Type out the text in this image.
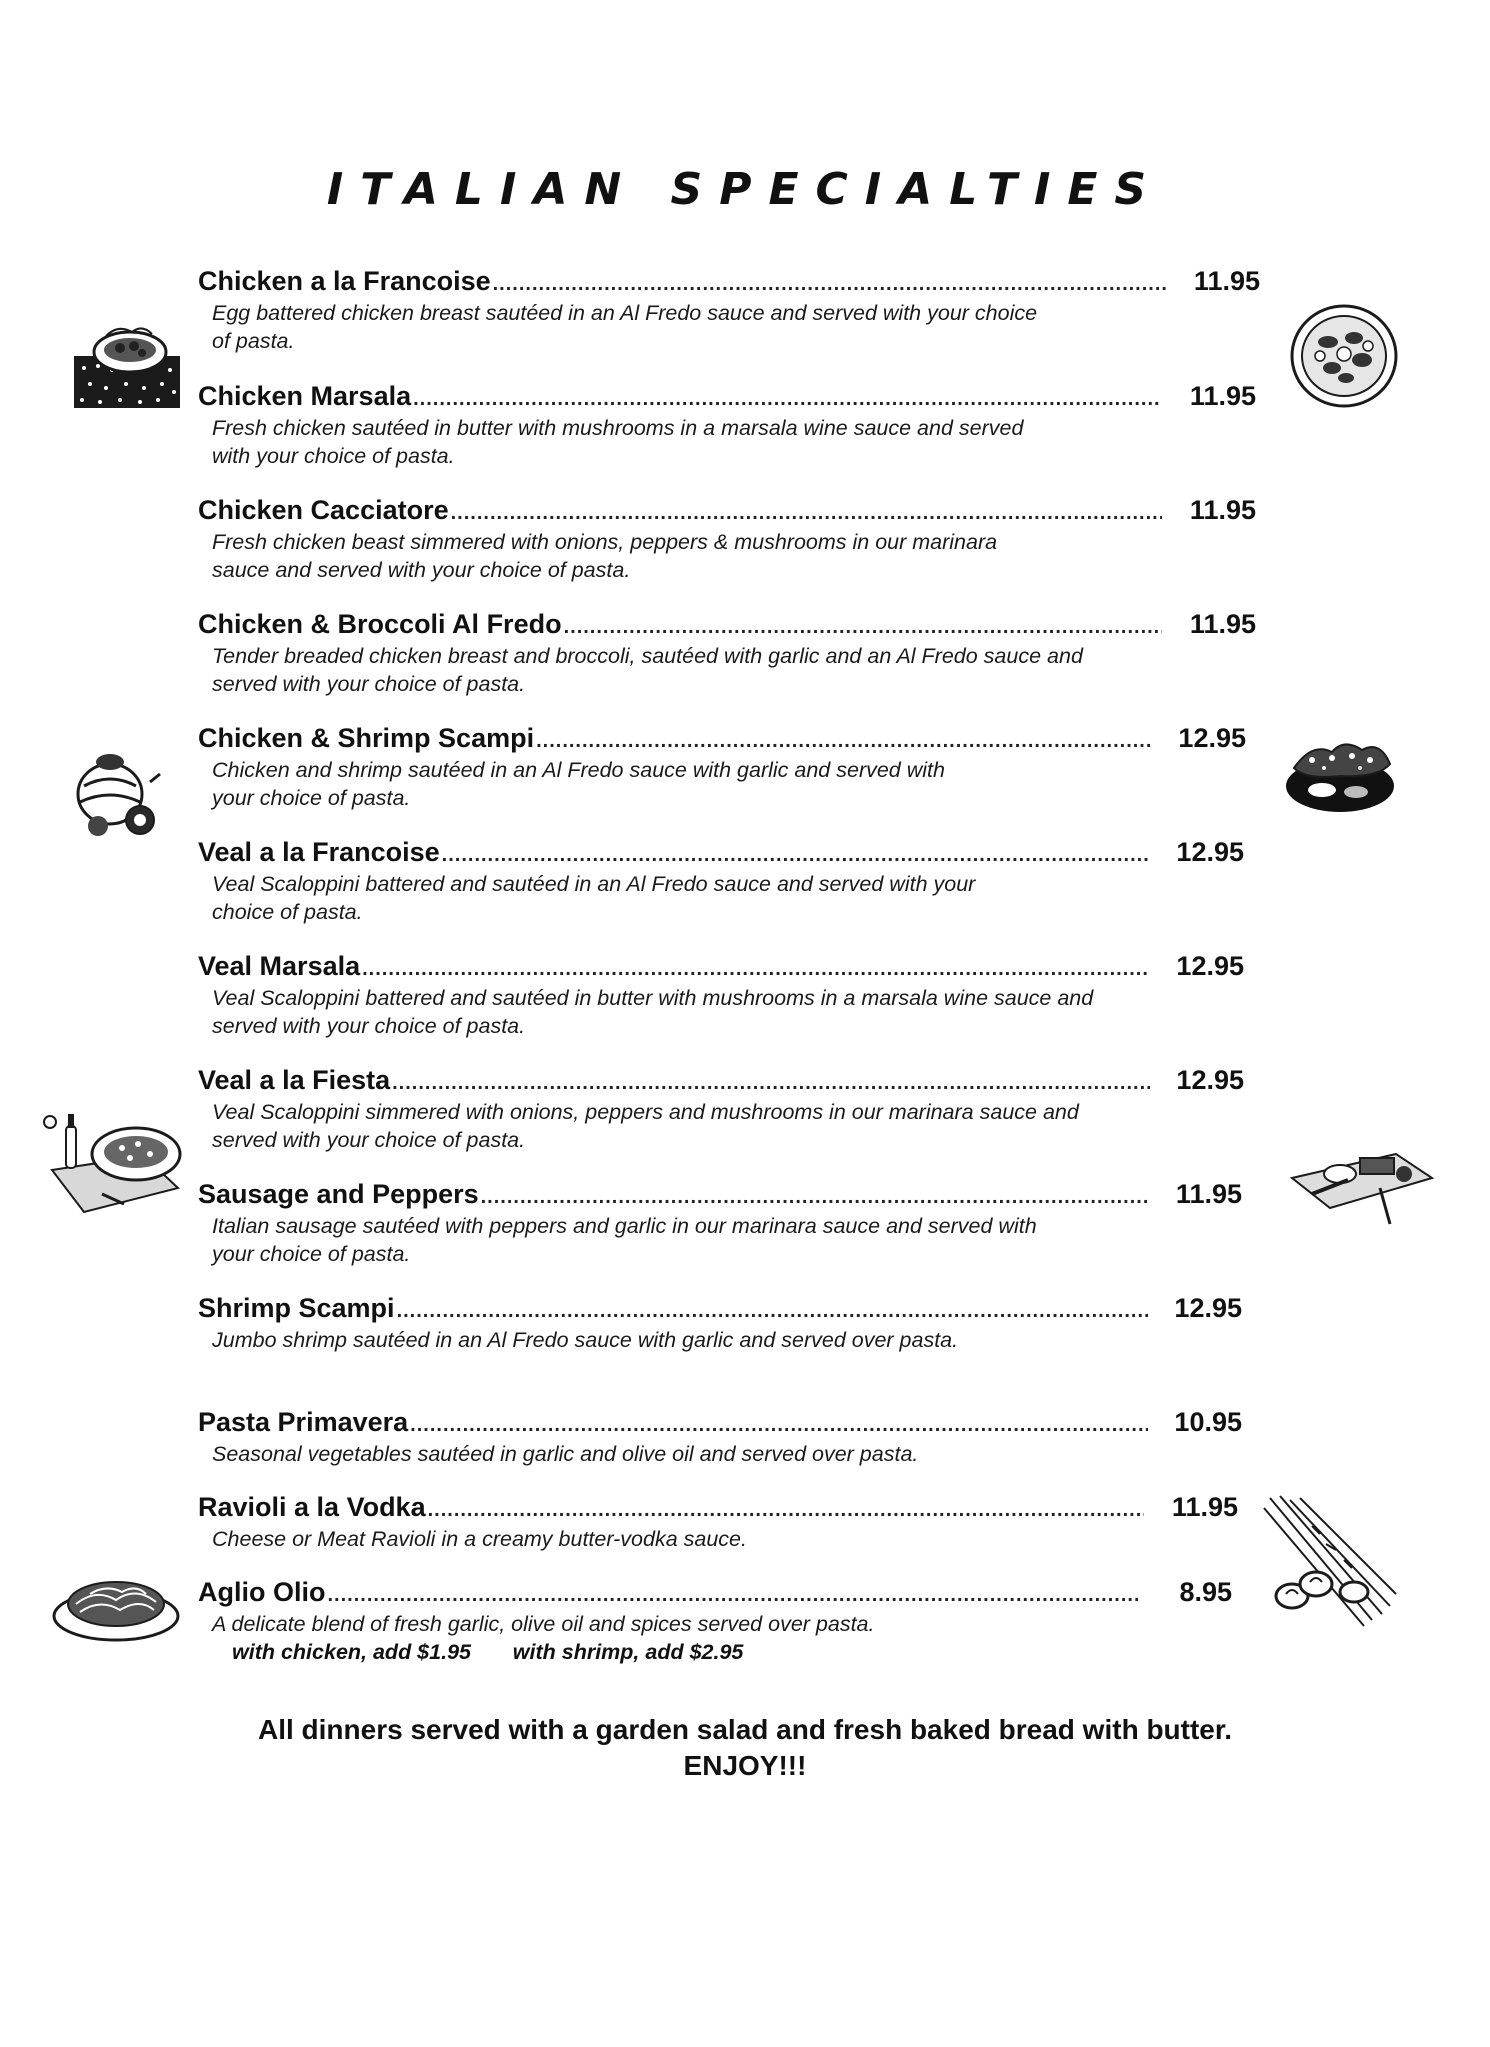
ITALIAN SPECIALTIES
Chicken a la Francoise .....	11.95
Egg battered chicken breast sautéed in an Al Fredo sauce and served with your choice of pasta.
Chicken Marsala .....	11.95
Fresh chicken sautéed in butter with mushrooms in a marsala wine sauce and served with your choice of pasta.
Chicken Cacciatore .....	11.95
Fresh chicken beast simmered with onions, peppers & mushrooms in our marinara sauce and served with your choice of pasta.
Chicken & Broccoli Al Fredo .....	11.95
Tender breaded chicken breast and broccoli, sautéed with garlic and an Al Fredo sauce and served with your choice of pasta.
Chicken & Shrimp Scampi .....	12.95
Chicken and shrimp sautéed in an Al Fredo sauce with garlic and served with your choice of pasta.
Veal a la Francoise .....	12.95
Veal Scaloppini battered and sautéed in an Al Fredo sauce and served with your choice of pasta.
Veal Marsala .....	12.95
Veal Scaloppini battered and sautéed in butter with mushrooms in a marsala wine sauce and served with your choice of pasta.
Veal a la Fiesta .....	12.95
Veal Scaloppini simmered with onions, peppers and mushrooms in our marinara sauce and served with your choice of pasta.
Sausage and Peppers .....	11.95
Italian sausage sautéed with peppers and garlic in our marinara sauce and served with your choice of pasta.
Shrimp Scampi .....	12.95
Jumbo shrimp sautéed in an Al Fredo sauce with garlic and served over pasta.
Pasta Primavera .....	10.95
Seasonal vegetables sautéed in garlic and olive oil and served over pasta.
Ravioli a la Vodka .....	11.95
Cheese or Meat Ravioli in a creamy butter-vodka sauce.
Aglio Olio .....	8.95
A delicate blend of fresh garlic, olive oil and spices served over pasta.
with chicken, add $1.95       with shrimp, add $2.95
All dinners served with a garden salad and fresh baked bread with butter.
ENJOY!!!
